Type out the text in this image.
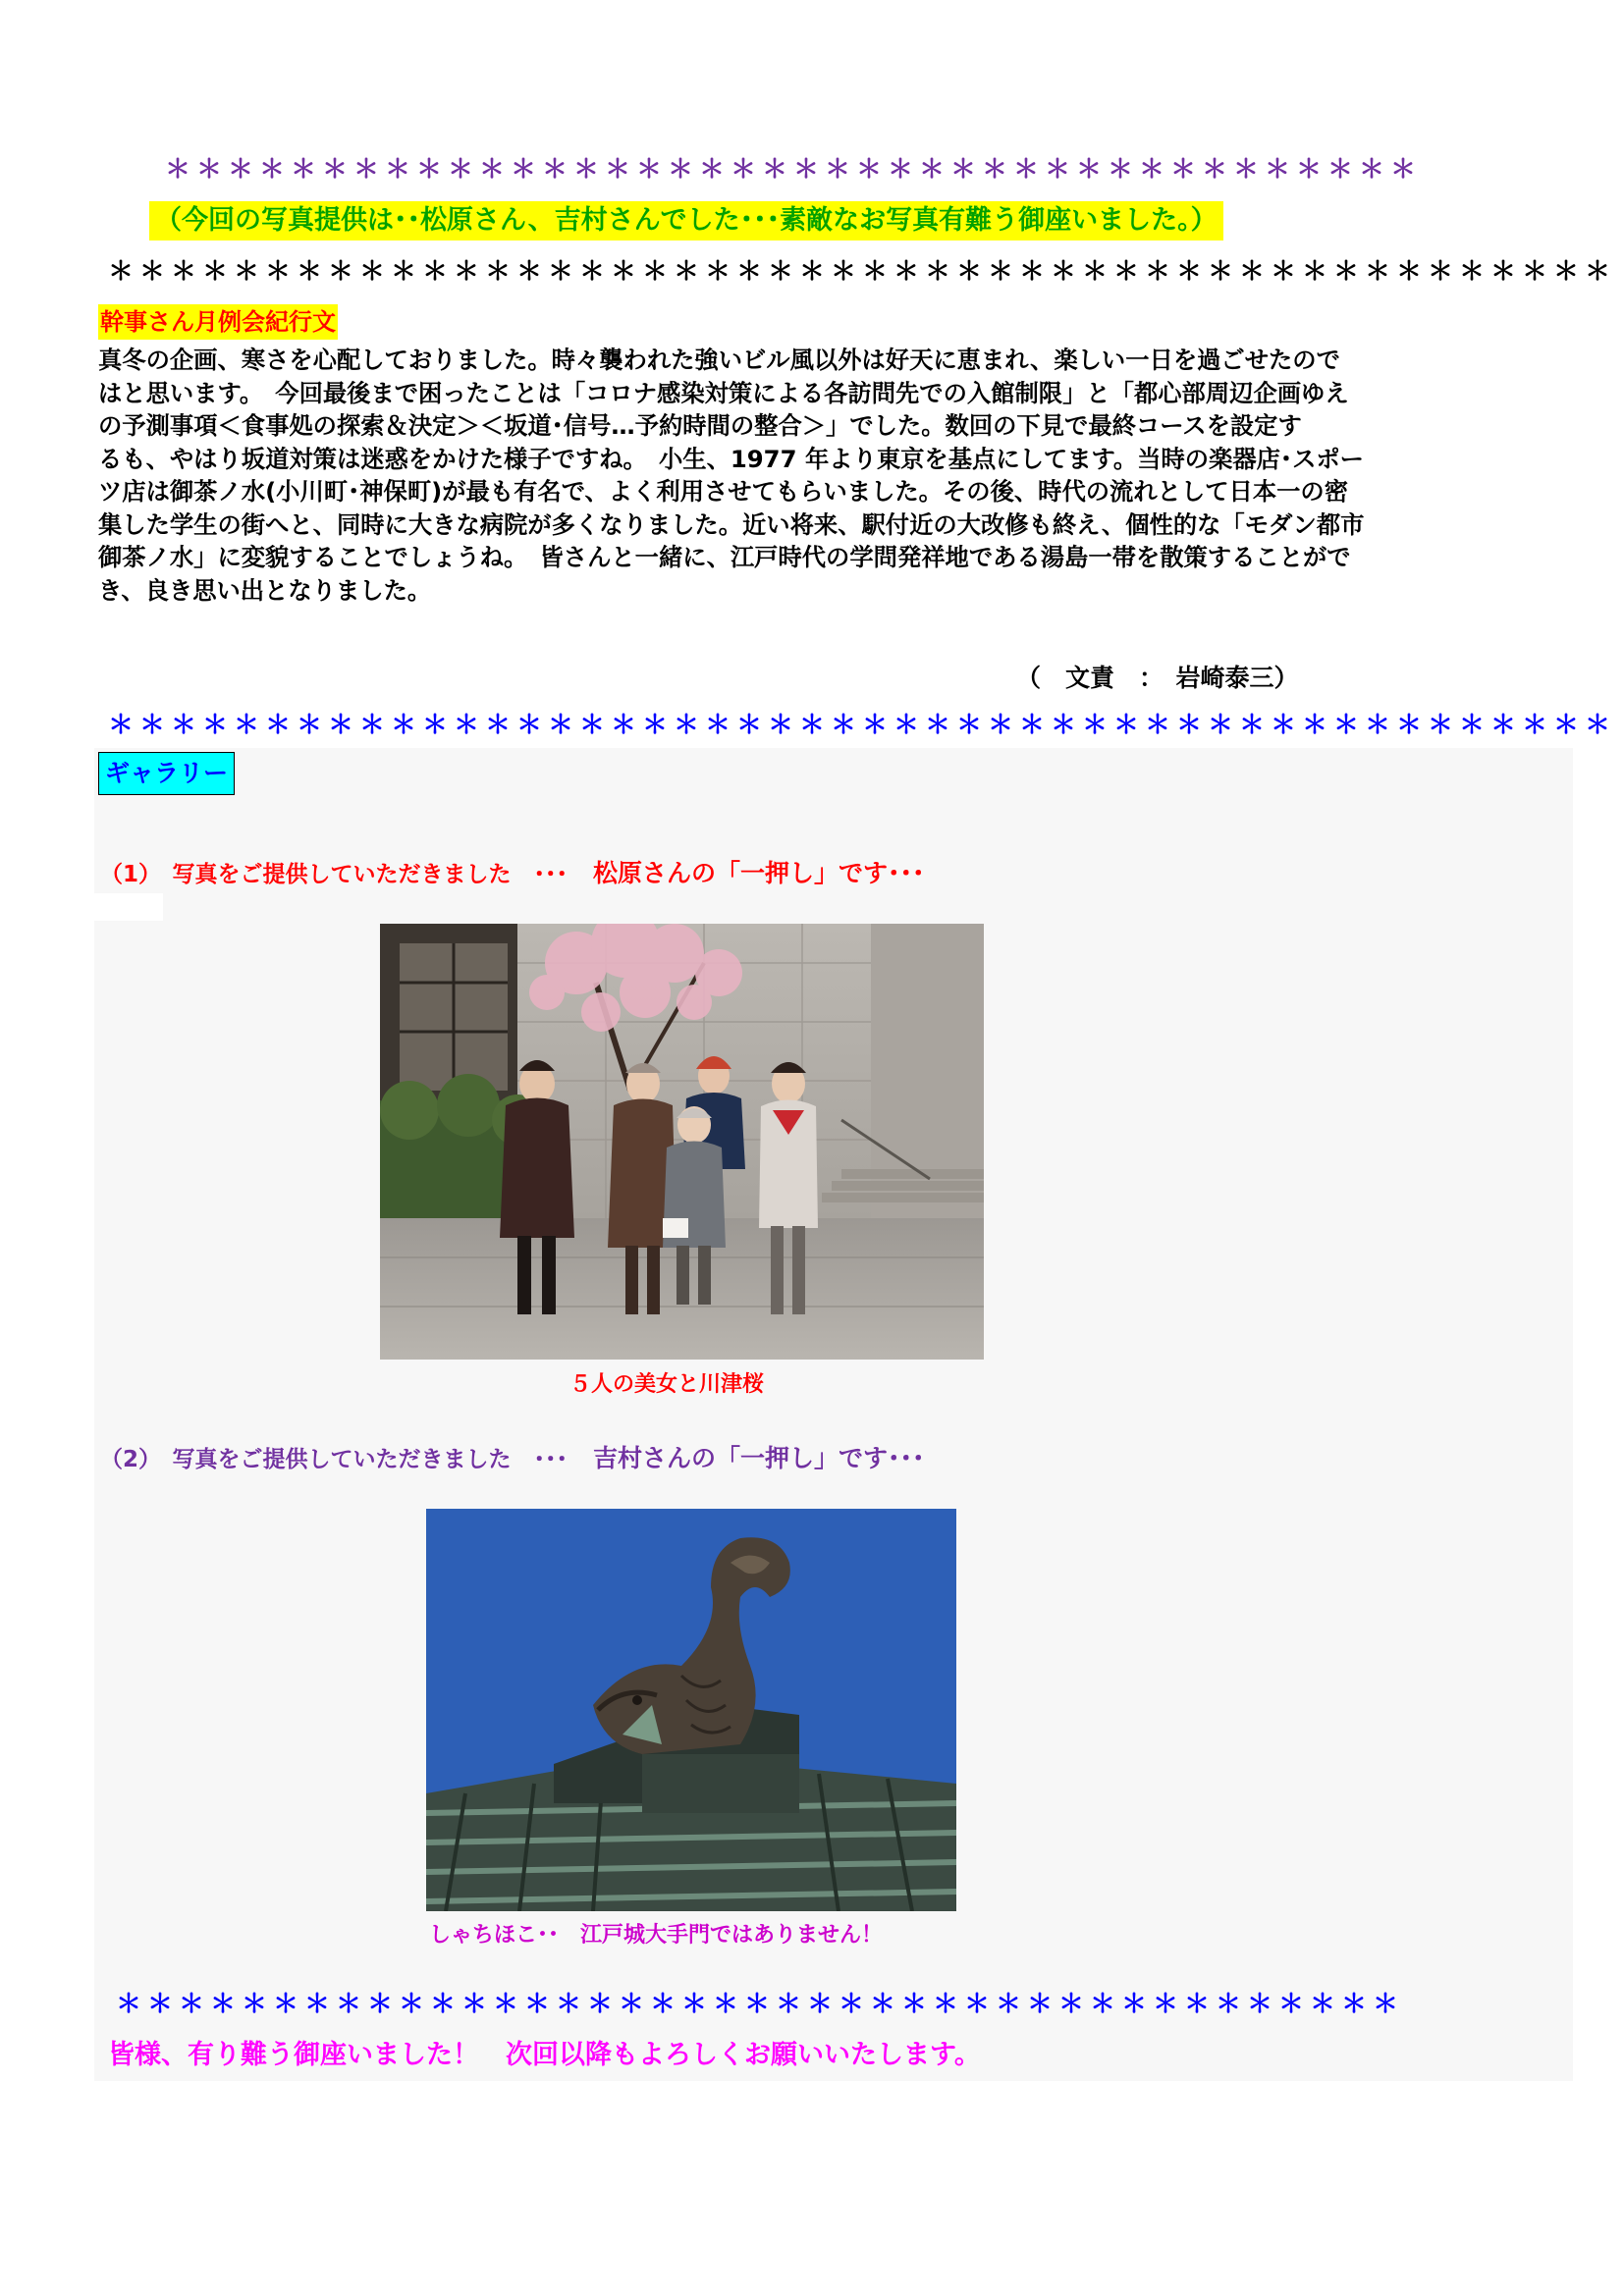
＊＊＊＊＊＊＊＊＊＊＊＊＊＊＊＊＊＊＊＊＊＊＊＊＊＊＊＊＊＊＊＊＊＊＊＊＊＊＊＊
（今回の写真提供は･･松原さん、吉村さんでした･･･素敵なお写真有難う御座いました。）
＊＊＊＊＊＊＊＊＊＊＊＊＊＊＊＊＊＊＊＊＊＊＊＊＊＊＊＊＊＊＊＊＊＊＊＊＊＊＊＊＊＊＊＊＊＊＊＊
幹事さん月例会紀行文
真冬の企画、寒さを心配しておりました。時々襲われた強いビル風以外は好天に恵まれ、楽しい一日を過ごせたので
はと思います。　今回最後まで困ったことは「コロナ感染対策による各訪問先での入館制限」と「都心部周辺企画ゆえ
の予測事項＜食事処の探索＆決定＞＜坂道･信号…予約時間の整合＞」でした。数回の下見で最終コースを設定す
るも、やはり坂道対策は迷惑をかけた様子ですね。　小生、1977 年より東京を基点にしてます。当時の楽器店･スポー
ツ店は御茶ノ水(小川町･神保町)が最も有名で、よく利用させてもらいました。その後、時代の流れとして日本一の密
集した学生の街へと、同時に大きな病院が多くなりました。近い将来、駅付近の大改修も終え、個性的な「モダン都市
御茶ノ水」に変貌することでしょうね。　皆さんと一緒に、江戸時代の学問発祥地である湯島一帯を散策することがで
き、良き思い出となりました。
（　文責　：　岩崎泰三）
＊＊＊＊＊＊＊＊＊＊＊＊＊＊＊＊＊＊＊＊＊＊＊＊＊＊＊＊＊＊＊＊＊＊＊＊＊＊＊＊＊＊＊＊＊＊＊＊
ギャラリー
（1）　写真をご提供していただきました　･･･ 松原さんの「一押し」です･･･
５人の美女と川津桜
（2）　写真をご提供していただきました　･･･ 吉村さんの「一押し」です･･･
しゃちほこ･･　江戸城大手門ではありません！
＊＊＊＊＊＊＊＊＊＊＊＊＊＊＊＊＊＊＊＊＊＊＊＊＊＊＊＊＊＊＊＊＊＊＊＊＊＊＊＊＊
皆様、有り難う御座いました！　次回以降もよろしくお願いいたします。
